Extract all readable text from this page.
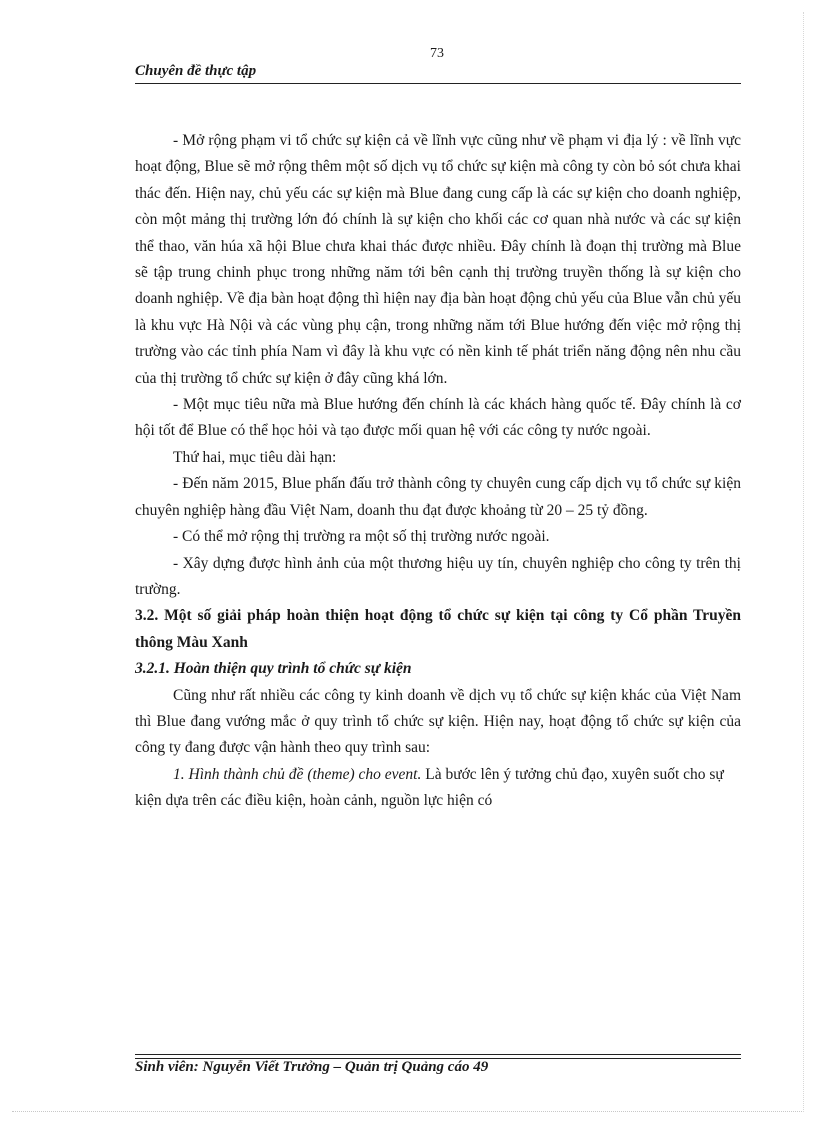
73
Chuyên đề thực tập

- Mở rộng phạm vi tổ chức sự kiện cả về lĩnh vực cũng như về phạm vi địa lý : về lĩnh vực hoạt động, Blue sẽ mở rộng thêm một số dịch vụ tổ chức sự kiện mà công ty còn bỏ sót chưa khai thác đến. Hiện nay, chủ yếu các sự kiện mà Blue đang cung cấp là các sự kiện cho doanh nghiệp, còn một mảng thị trường lớn đó chính là sự kiện cho khối các cơ quan nhà nước và các sự kiện thể thao, văn húa xã hội Blue chưa khai thác được nhiều. Đây chính là đoạn thị trường mà Blue sẽ tập trung chinh phục trong những năm tới bên cạnh thị trường truyền thống là sự kiện cho doanh nghiệp. Về địa bàn hoạt động thì hiện nay địa bàn hoạt động chủ yếu của Blue vẫn chủ yếu là khu vực Hà Nội và các vùng phụ cận, trong những năm tới Blue hướng đến việc mở rộng thị trường vào các tỉnh phía Nam vì đây là khu vực có nền kinh tế phát triển năng động nên nhu cầu của thị trường tổ chức sự kiện ở đây cũng khá lớn.

- Một mục tiêu nữa mà Blue hướng đến chính là các khách hàng quốc tế. Đây chính là cơ hội tốt để Blue có thể học hỏi và tạo được mối quan hệ với các công ty nước ngoài.

Thứ hai, mục tiêu dài hạn:

- Đến năm 2015, Blue phấn đấu trở thành công ty chuyên cung cấp dịch vụ tổ chức sự kiện chuyên nghiệp hàng đầu Việt Nam, doanh thu đạt được khoảng từ 20 – 25 tỷ đồng.

- Có thể mở rộng thị trường ra một số thị trường nước ngoài.

- Xây dựng được hình ảnh của một thương hiệu uy tín, chuyên nghiệp cho công ty trên thị trường.

3.2. Một số giải pháp hoàn thiện hoạt động tổ chức sự kiện tại công ty Cổ phần Truyền thông Màu Xanh

3.2.1. Hoàn thiện quy trình tổ chức sự kiện

Cũng như rất nhiều các công ty kinh doanh về dịch vụ tổ chức sự kiện khác của Việt Nam thì Blue đang vướng mắc ở quy trình tổ chức sự kiện. Hiện nay, hoạt động tổ chức sự kiện của công ty đang được vận hành theo quy trình sau:

1. Hình thành chủ đề (theme) cho event. Là bước lên ý tưởng chủ đạo, xuyên suốt cho sự kiện dựa trên các điều kiện, hoàn cảnh, nguồn lực hiện có

Sinh viên: Nguyễn Viết Trưởng – Quản trị Quảng cáo 49
